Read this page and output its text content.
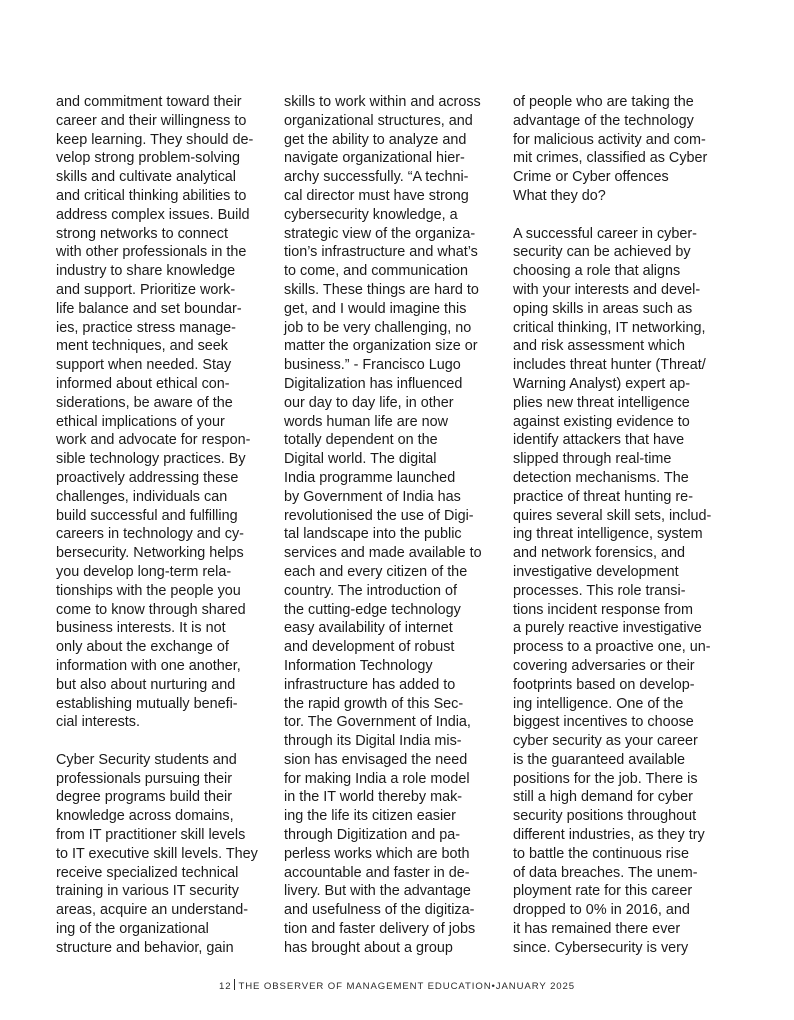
and commitment toward their
career and their willingness to
keep learning. They should de-
velop strong problem-solving
skills and cultivate analytical
and critical thinking abilities to
address complex issues. Build
strong networks to connect
with other professionals in the
industry to share knowledge
and support. Prioritize work-
life balance and set boundar-
ies, practice stress manage-
ment techniques, and seek
support when needed. Stay
informed about ethical con-
siderations, be aware of the
ethical implications of your
work and advocate for respon-
sible technology practices. By
proactively addressing these
challenges, individuals can
build successful and fulfilling
careers in technology and cy-
bersecurity. Networking helps
you develop long-term rela-
tionships with the people you
come to know through shared
business interests. It is not
only about the exchange of
information with one another,
but also about nurturing and
establishing mutually benefi-
cial interests.
Cyber Security students and
professionals pursuing their
degree programs build their
knowledge across domains,
from IT practitioner skill levels
to IT executive skill levels. They
receive specialized technical
training in various IT security
areas, acquire an understand-
ing of the organizational
structure and behavior, gain
skills to work within and across
organizational structures, and
get the ability to analyze and
navigate organizational hier-
archy successfully. “A techni-
cal director must have strong
cybersecurity knowledge, a
strategic view of the organiza-
tion’s infrastructure and what’s
to come, and communication
skills. These things are hard to
get, and I would imagine this
job to be very challenging, no
matter the organization size or
business.” - Francisco Lugo
Digitalization has influenced
our day to day life, in other
words human life are now
totally dependent on the
Digital world. The digital
India programme launched
by Government of India has
revolutionised the use of Digi-
tal landscape into the public
services and made available to
each and every citizen of the
country. The introduction of
the cutting-edge technology
easy availability of internet
and development of robust
Information Technology
infrastructure has added to
the rapid growth of this Sec-
tor. The Government of India,
through its Digital India mis-
sion has envisaged the need
for making India a role model
in the IT world thereby mak-
ing the life its citizen easier
through Digitization and pa-
perless works which are both
accountable and faster in de-
livery. But with the advantage
and usefulness of the digitiza-
tion and faster delivery of jobs
has brought about a group
of people who are taking the
advantage of the technology
for malicious activity and com-
mit crimes, classified as Cyber
Crime or Cyber offences
What they do?
A successful career in cyber-
security can be achieved by
choosing a role that aligns
with your interests and devel-
oping skills in areas such as
critical thinking, IT networking,
and risk assessment which
includes threat hunter (Threat/
Warning Analyst) expert ap-
plies new threat intelligence
against existing evidence to
identify attackers that have
slipped through real-time
detection mechanisms. The
practice of threat hunting re-
quires several skill sets, includ-
ing threat intelligence, system
and network forensics, and
investigative development
processes. This role transi-
tions incident response from
a purely reactive investigative
process to a proactive one, un-
covering adversaries or their
footprints based on develop-
ing intelligence. One of the
biggest incentives to choose
cyber security as your career
is the guaranteed available
positions for the job. There is
still a high demand for cyber
security positions throughout
different industries, as they try
to battle the continuous rise
of data breaches. The unem-
ployment rate for this career
dropped to 0% in 2016, and
it has remained there ever
since. Cybersecurity is very
12 THE OBSERVER OF MANAGEMENT EDUCATION•JANUARY 2025
